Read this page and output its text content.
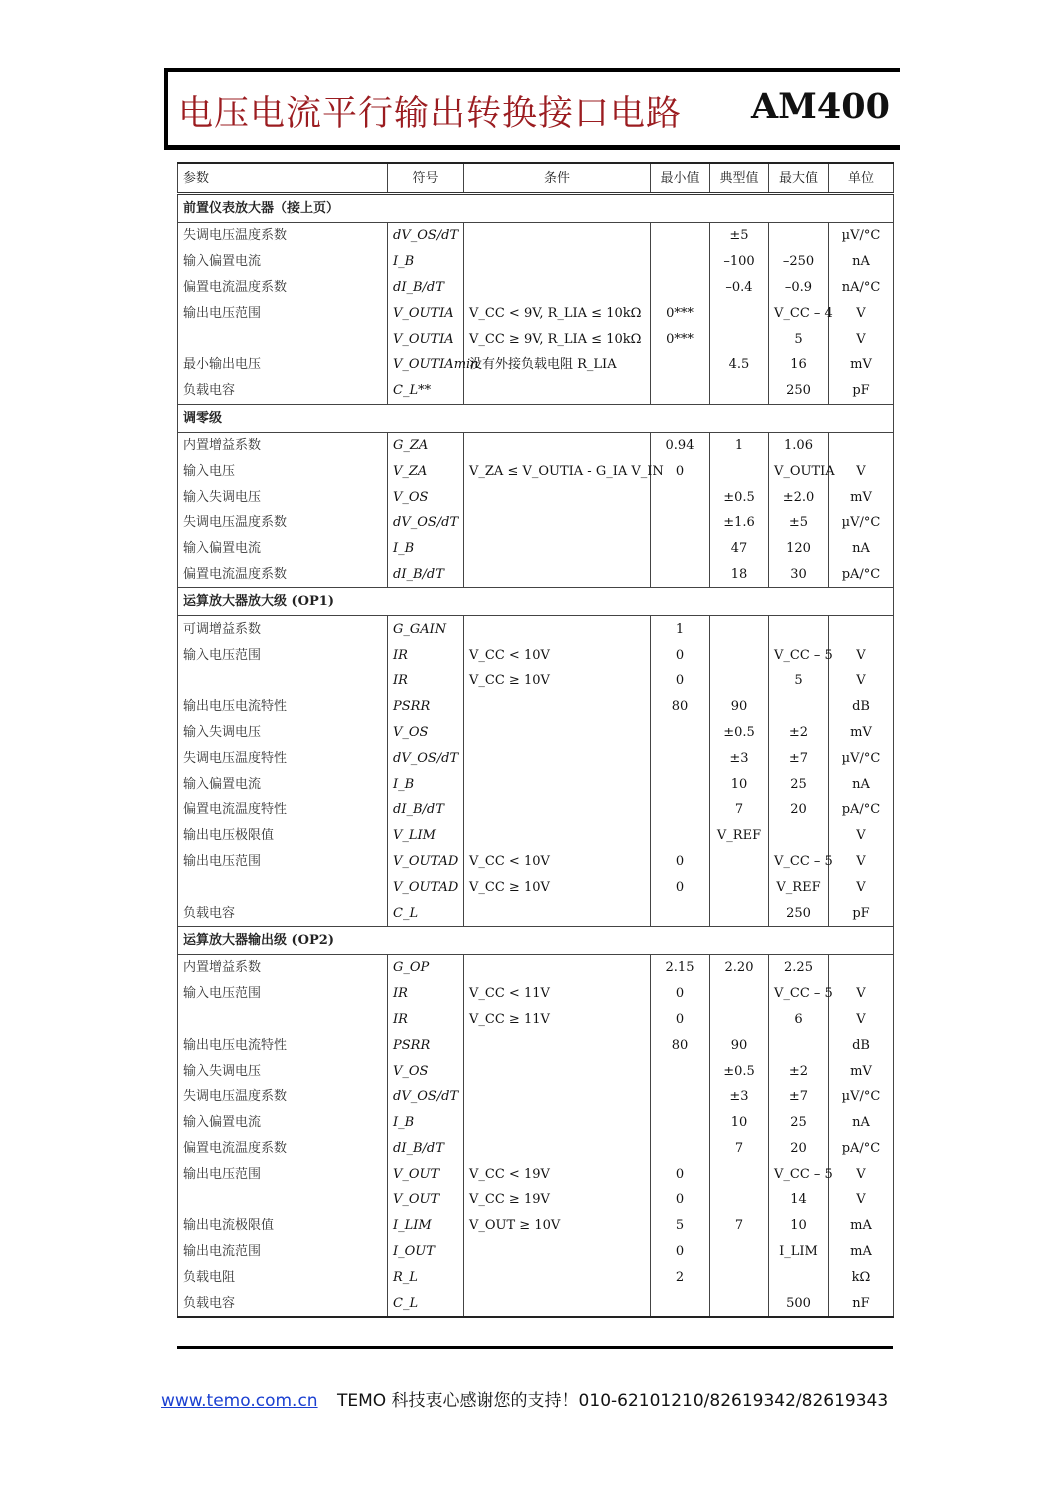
电压电流平行输出转换接口电路 AM400
参数	符号	条件	最小值	典型值	最大值	单位
前置仪表放大器（接上页）						
失调电压温度系数	dV_OS/dT			±5		µV/°C
输入偏置电流	I_B			–100	–250	nA
偏置电流温度系数	dI_B/dT			–0.4	–0.9	nA/°C
输出电压范围	V_OUTIA	V_CC < 9V, R_LIA ≤ 10kΩ	0***		V_CC – 4	V
	V_OUTIA	V_CC ≥ 9V, R_LIA ≤ 10kΩ	0***		5	V
最小输出电压	V_OUTIAmin	没有外接负载电阻 R_LIA		4.5	16	mV
负载电容	C_L**				250	pF
调零级						
内置增益系数	G_ZA		0.94	1	1.06	
输入电压	V_ZA	V_ZA ≤ V_OUTIA - G_IA V_IN	0		V_OUTIA	V
输入失调电压	V_OS			±0.5	±2.0	mV
失调电压温度系数	dV_OS/dT			±1.6	±5	µV/°C
输入偏置电流	I_B			47	120	nA
偏置电流温度系数	dI_B/dT			18	30	pA/°C
运算放大器放大级 (OP1)						
可调增益系数	G_GAIN		1			
输入电压范围	IR	V_CC < 10V	0		V_CC – 5	V
	IR	V_CC ≥ 10V	0		5	V
输出电压电流特性	PSRR		80	90		dB
输入失调电压	V_OS			±0.5	±2	mV
失调电压温度特性	dV_OS/dT			±3	±7	µV/°C
输入偏置电流	I_B			10	25	nA
偏置电流温度特性	dI_B/dT			7	20	pA/°C
输出电压极限值	V_LIM			V_REF		V
输出电压范围	V_OUTAD	V_CC < 10V	0		V_CC – 5	V
	V_OUTAD	V_CC ≥ 10V	0		V_REF	V
负载电容	C_L				250	pF
运算放大器输出级 (OP2)						
内置增益系数	G_OP		2.15	2.20	2.25	
输入电压范围	IR	V_CC < 11V	0		V_CC – 5	V
	IR	V_CC ≥ 11V	0		6	V
输出电压电流特性	PSRR		80	90		dB
输入失调电压	V_OS			±0.5	±2	mV
失调电压温度系数	dV_OS/dT			±3	±7	µV/°C
输入偏置电流	I_B			10	25	nA
偏置电流温度系数	dI_B/dT			7	20	pA/°C
输出电压范围	V_OUT	V_CC < 19V	0		V_CC – 5	V
	V_OUT	V_CC ≥ 19V	0		14	V
输出电流极限值	I_LIM	V_OUT ≥ 10V	5	7	10	mA
输出电流范围	I_OUT		0		I_LIM	mA
负载电阻	R_L		2			kΩ
负载电容	C_L				500	nF
www.temo.com.cn TEMO 科技衷心感谢您的支持！010-62101210/82619342/82619343
